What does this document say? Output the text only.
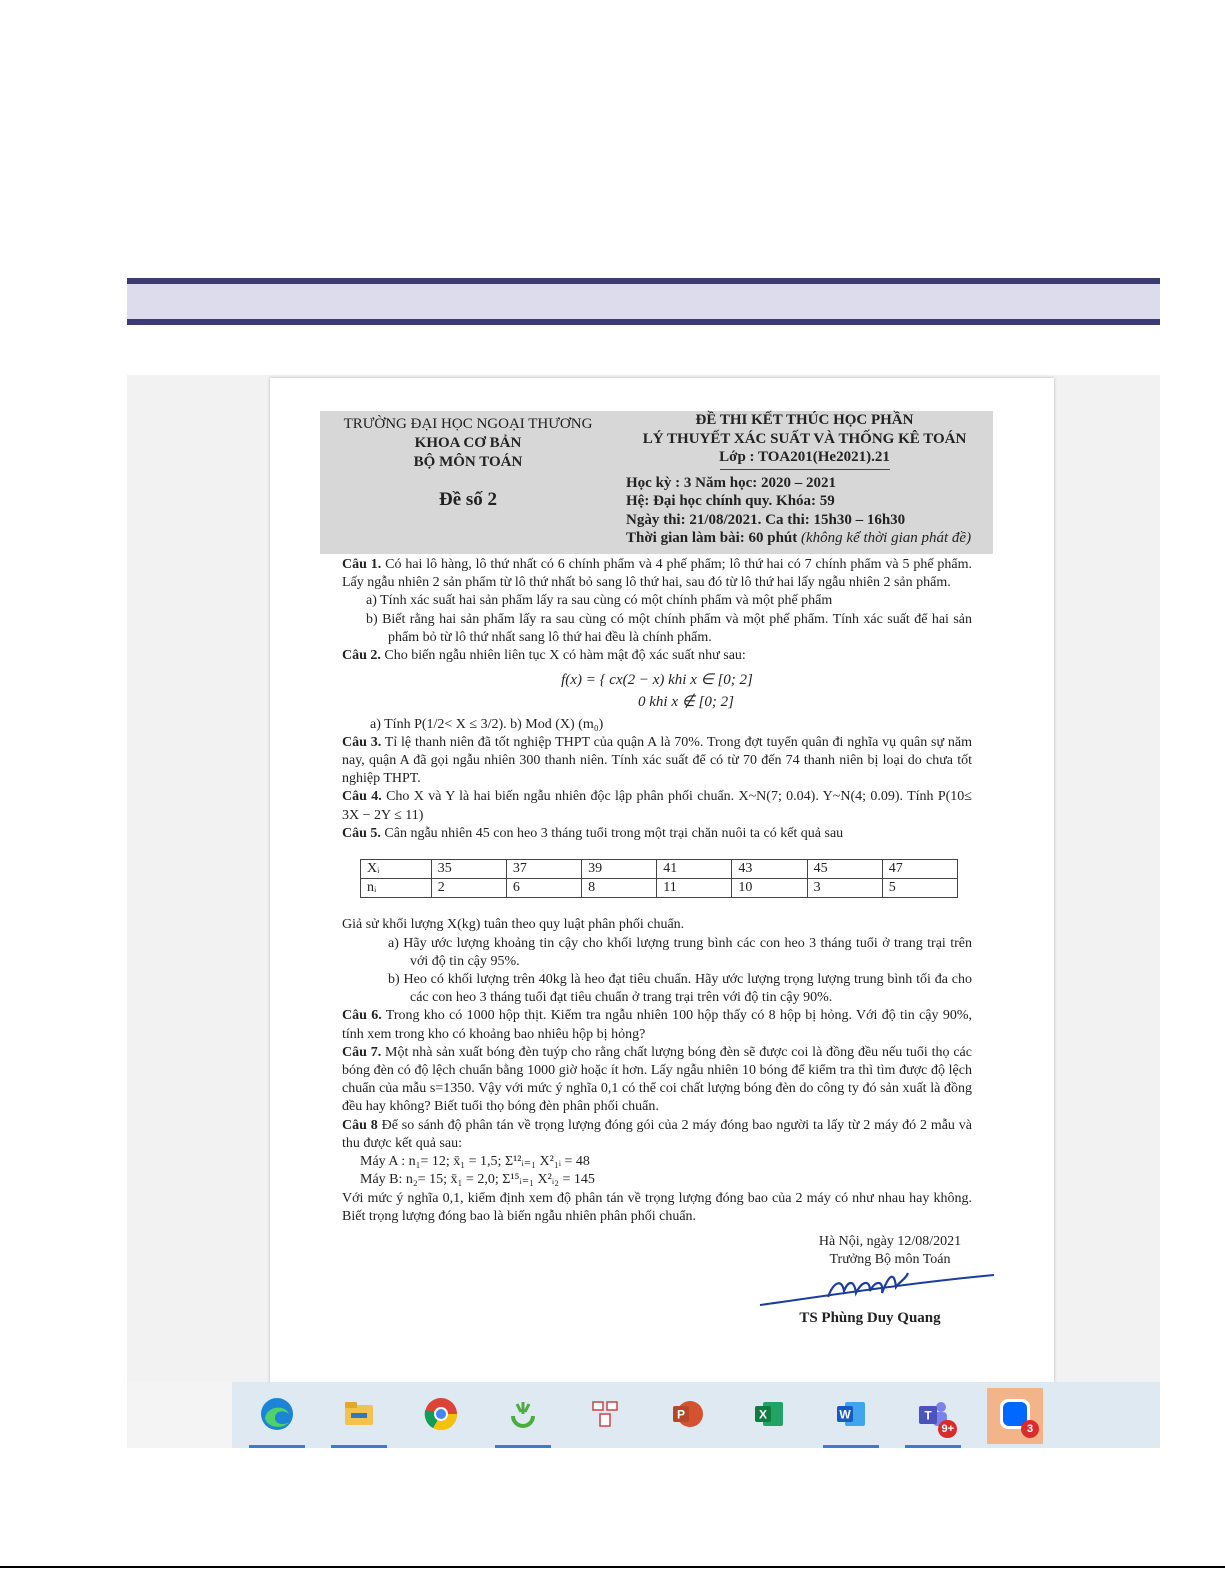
TRƯỜNG ĐẠI HỌC NGOẠI THƯƠNG
KHOA CƠ BẢN
BỘ MÔN TOÁN
Đề số 2
ĐỀ THI KẾT THÚC HỌC PHẦN
LÝ THUYẾT XÁC SUẤT VÀ THỐNG KÊ TOÁN
Lớp : TOA201(He2021).21
Học kỳ : 3 Năm học: 2020 – 2021
Hệ: Đại học chính quy. Khóa: 59
Ngày thi: 21/08/2021. Ca thi: 15h30 – 16h30
Thời gian làm bài: 60 phút (không kể thời gian phát đề)

Câu 1. Có hai lô hàng, lô thứ nhất có 6 chính phẩm và 4 phế phẩm; lô thứ hai có 7 chính phẩm và 5 phế phẩm. Lấy ngẫu nhiên 2 sản phẩm từ lô thứ nhất bỏ sang lô thứ hai, sau đó từ lô thứ hai lấy ngẫu nhiên 2 sản phẩm.

a) Tính xác suất hai sản phẩm lấy ra sau cùng có một chính phẩm và một phế phẩm

b) Biết rằng hai sản phẩm lấy ra sau cùng có một chính phẩm và một phế phẩm. Tính xác suất để hai sản phẩm bỏ từ lô thứ nhất sang lô thứ hai đều là chính phẩm.

Câu 2. Cho biến ngẫu nhiên liên tục X có hàm mật độ xác suất như sau:

f(x) = { cx(2 − x) khi x ∈ [0; 2]

0 khi x ∉ [0; 2]

a) Tính P(1/2< X ≤ 3/2). b) Mod (X) (m₀)

Câu 3. Tỉ lệ thanh niên đã tốt nghiệp THPT của quận A là 70%. Trong đợt tuyển quân đi nghĩa vụ quân sự năm nay, quận A đã gọi ngẫu nhiên 300 thanh niên. Tính xác suất để có từ 70 đến 74 thanh niên bị loại do chưa tốt nghiệp THPT.

Câu 4. Cho X và Y là hai biến ngẫu nhiên độc lập phân phối chuẩn. X~N(7; 0.04). Y~N(4; 0.09). Tính P(10≤ 3X − 2Y ≤ 11)

Câu 5. Cân ngẫu nhiên 45 con heo 3 tháng tuổi trong một trại chăn nuôi ta có kết quả sau

Xᵢ	35	37	39	41	43	45	47
nᵢ	2	6	8	11	10	3	5

Giả sử khối lượng X(kg) tuân theo quy luật phân phối chuẩn.

a) Hãy ước lượng khoảng tin cậy cho khối lượng trung bình các con heo 3 tháng tuổi ở trang trại trên với độ tin cậy 95%.

b) Heo có khối lượng trên 40kg là heo đạt tiêu chuẩn. Hãy ước lượng trọng lượng trung bình tối đa cho các con heo 3 tháng tuổi đạt tiêu chuẩn ở trang trại trên với độ tin cậy 90%.

Câu 6. Trong kho có 1000 hộp thịt. Kiểm tra ngẫu nhiên 100 hộp thấy có 8 hộp bị hỏng. Với độ tin cậy 90%, tính xem trong kho có khoảng bao nhiêu hộp bị hỏng?

Câu 7. Một nhà sản xuất bóng đèn tuýp cho rằng chất lượng bóng đèn sẽ được coi là đồng đều nếu tuổi thọ các bóng đèn có độ lệch chuẩn bằng 1000 giờ hoặc ít hơn. Lấy ngẫu nhiên 10 bóng để kiểm tra thì tìm được độ lệch chuẩn của mẫu s=1350. Vậy với mức ý nghĩa 0,1 có thể coi chất lượng bóng đèn do công ty đó sản xuất là đồng đều hay không? Biết tuổi thọ bóng đèn phân phối chuẩn.

Câu 8 Để so sánh độ phân tán về trọng lượng đóng gói của 2 máy đóng bao người ta lấy từ 2 máy đó 2 mẫu và thu được kết quả sau:

Máy A : n₁= 12; x̄₁ = 1,5; Σ¹²ᵢ₌₁ X²₁ᵢ = 48

Máy B: n₂= 15; x̄₁ = 2,0; Σ¹⁵ᵢ₌₁ X²ᵢ₂ = 145

Với mức ý nghĩa 0,1, kiểm định xem độ phân tán về trọng lượng đóng bao của 2 máy có như nhau hay không. Biết trọng lượng đóng bao là biến ngẫu nhiên phân phối chuẩn.

Hà Nội, ngày 12/08/2021
Trưởng Bộ môn Toán
TS Phùng Duy Quang
P	X	W	T
9+	3
